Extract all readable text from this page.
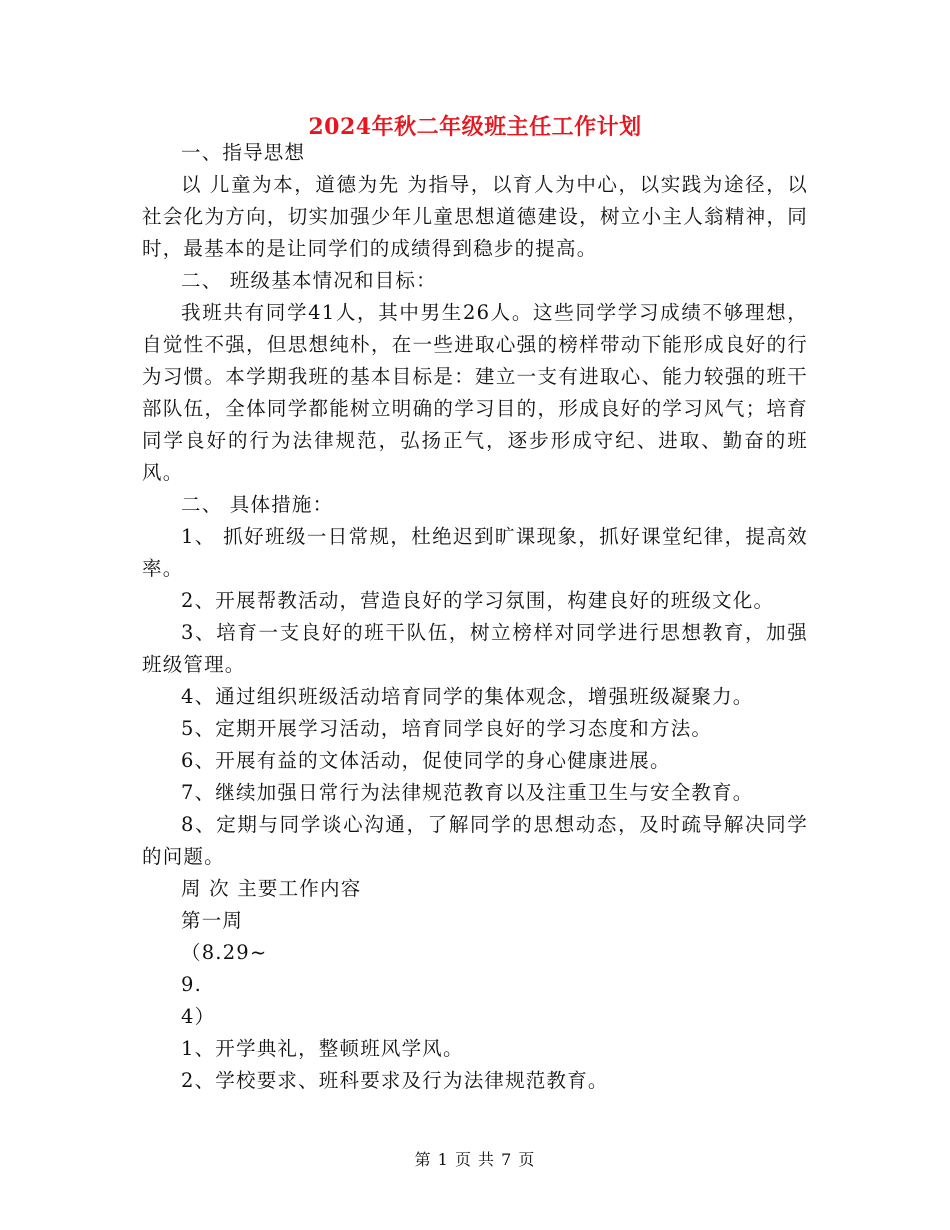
2024年秋二年级班主任工作计划

一、指导思想

以 儿童为本，道德为先 为指导，以育人为中心，以实践为途径，以社会化为方向，切实加强少年儿童思想道德建设，树立小主人翁精神，同时，最基本的是让同学们的成绩得到稳步的提高。

二、 班级基本情况和目标：

我班共有同学41人，其中男生26人。这些同学学习成绩不够理想，自觉性不强，但思想纯朴，在一些进取心强的榜样带动下能形成良好的行为习惯。本学期我班的基本目标是：建立一支有进取心、能力较强的班干部队伍，全体同学都能树立明确的学习目的，形成良好的学习风气；培育同学良好的行为法律规范，弘扬正气，逐步形成守纪、进取、勤奋的班风。

二、 具体措施：

1、 抓好班级一日常规，杜绝迟到旷课现象，抓好课堂纪律，提高效率。

2、开展帮教活动，营造良好的学习氛围，构建良好的班级文化。

3、培育一支良好的班干队伍，树立榜样对同学进行思想教育，加强班级管理。

4、通过组织班级活动培育同学的集体观念，增强班级凝聚力。

5、定期开展学习活动，培育同学良好的学习态度和方法。

6、开展有益的文体活动，促使同学的身心健康进展。

7、继续加强日常行为法律规范教育以及注重卫生与安全教育。

8、定期与同学谈心沟通，了解同学的思想动态，及时疏导解决同学的问题。

周 次 主要工作内容

第一周

（8.29~

9.

4）

1、开学典礼，整顿班风学风。

2、学校要求、班科要求及行为法律规范教育。

第 1 页 共 7 页
